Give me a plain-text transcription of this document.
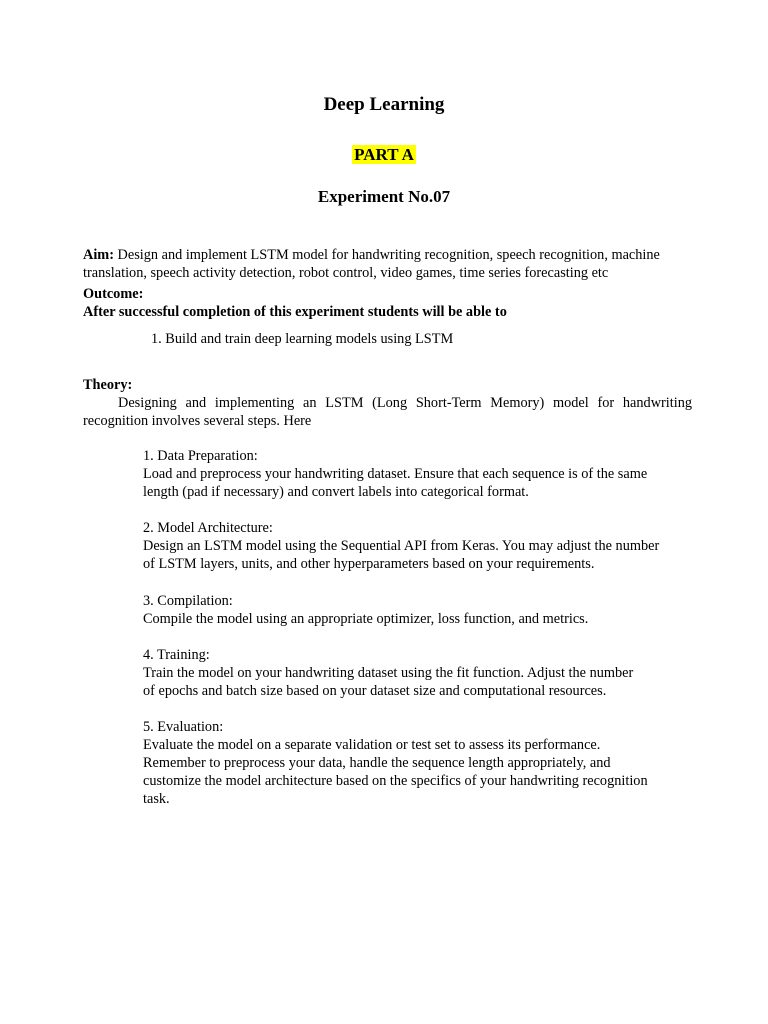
Deep Learning
PART A
Experiment No.07
Aim: Design and implement LSTM model for handwriting recognition, speech recognition, machine translation, speech activity detection, robot control, video games, time series forecasting etc
Outcome:
After successful completion of this experiment students will be able to
1. Build and train deep learning models using LSTM
Theory:
Designing and implementing an LSTM (Long Short-Term Memory) model for handwriting recognition involves several steps. Here
1. Data Preparation:
Load and preprocess your handwriting dataset. Ensure that each sequence is of the same
length (pad if necessary) and convert labels into categorical format.
2. Model Architecture:
Design an LSTM model using the Sequential API from Keras. You may adjust the number
of LSTM layers, units, and other hyperparameters based on your requirements.
3. Compilation:
Compile the model using an appropriate optimizer, loss function, and metrics.
4. Training:
Train the model on your handwriting dataset using the fit function. Adjust the number
of epochs and batch size based on your dataset size and computational resources.
5. Evaluation:
Evaluate the model on a separate validation or test set to assess its performance.
Remember to preprocess your data, handle the sequence length appropriately, and
customize the model architecture based on the specifics of your handwriting recognition
task.
